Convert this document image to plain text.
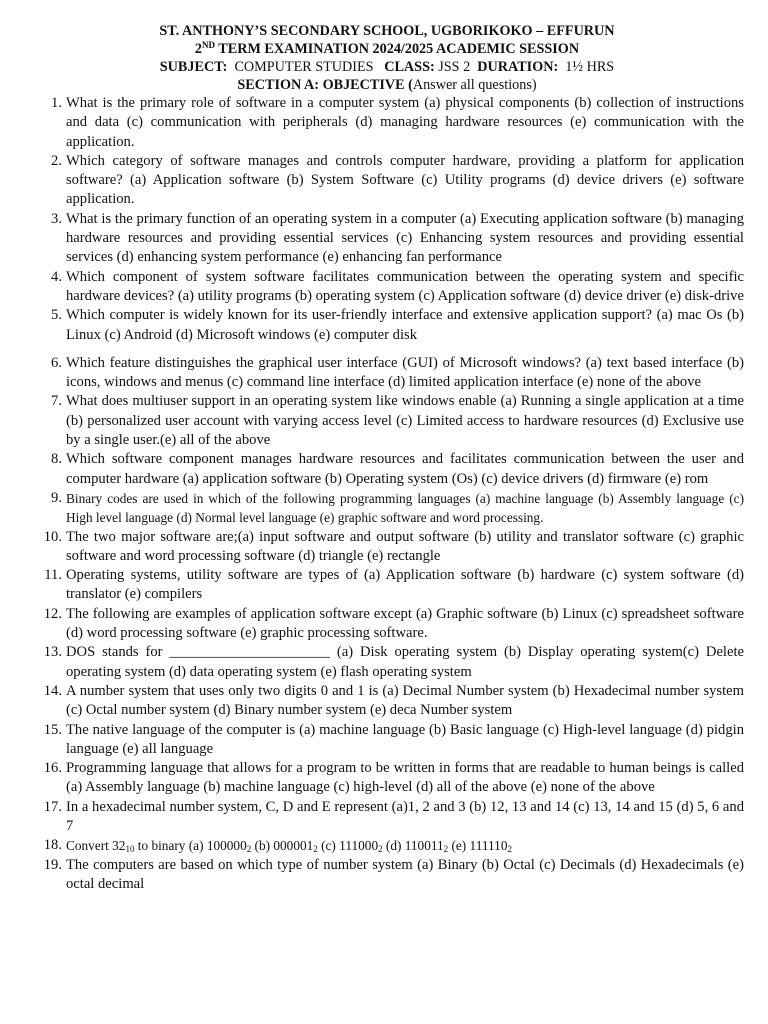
ST. ANTHONY’S SECONDARY SCHOOL, UGBORIKOKO – EFFURUN
2ND TERM EXAMINATION 2024/2025 ACADEMIC SESSION
SUBJECT: COMPUTER STUDIES CLASS: JSS 2 DURATION: 1½ HRS
SECTION A: OBJECTIVE (Answer all questions)
1. What is the primary role of software in a computer system (a) physical components (b) collection of instructions and data (c) communication with peripherals (d) managing hardware resources (e) communication with the application.
2. Which category of software manages and controls computer hardware, providing a platform for application software? (a) Application software (b) System Software (c) Utility programs (d) device drivers (e) software application.
3. What is the primary function of an operating system in a computer (a) Executing application software (b) managing hardware resources and providing essential services (c) Enhancing system resources and providing essential services (d) enhancing system performance (e) enhancing fan performance
4. Which component of system software facilitates communication between the operating system and specific hardware devices? (a) utility programs (b) operating system (c) Application software (d) device driver (e) disk-drive
5. Which computer is widely known for its user-friendly interface and extensive application support? (a) mac Os (b) Linux (c) Android (d) Microsoft windows (e) computer disk
6. Which feature distinguishes the graphical user interface (GUI) of Microsoft windows? (a) text based interface (b) icons, windows and menus (c) command line interface (d) limited application interface (e) none of the above
7. What does multiuser support in an operating system like windows enable (a) Running a single application at a time (b) personalized user account with varying access level (c) Limited access to hardware resources (d) Exclusive use by a single user.(e) all of the above
8. Which software component manages hardware resources and facilitates communication between the user and computer hardware (a) application software (b) Operating system (Os) (c) device drivers (d) firmware (e) rom
9. Binary codes are used in which of the following programming languages (a) machine language (b) Assembly language (c) High level language (d) Normal level language (e) graphic software and word processing.
10. The two major software are;(a) input software and output software (b) utility and translator software (c) graphic software and word processing software (d) triangle (e) rectangle
11. Operating systems, utility software are types of (a) Application software (b) hardware (c) system software (d) translator (e) compilers
12. The following are examples of application software except (a) Graphic software (b) Linux (c) spreadsheet software (d) word processing software (e) graphic processing software.
13. DOS stands for ______________________ (a) Disk operating system (b) Display operating system(c) Delete operating system (d) data operating system (e) flash operating system
14. A number system that uses only two digits 0 and 1 is (a) Decimal Number system (b) Hexadecimal number system (c) Octal number system (d) Binary number system (e) deca Number system
15. The native language of the computer is (a) machine language (b) Basic language (c) High-level language (d) pidgin language (e) all language
16. Programming language that allows for a program to be written in forms that are readable to human beings is called (a) Assembly language (b) machine language (c) high-level (d) all of the above (e) none of the above
17. In a hexadecimal number system, C, D and E represent (a)1, 2 and 3 (b) 12, 13 and 14 (c) 13, 14 and 15 (d) 5, 6 and 7
18. Convert $32_{10}$ to binary (a) $100000_2$ (b) $000001_2$ (c) $111000_2$ (d) $110011_2$ (e) $111110_2$
19. The computers are based on which type of number system (a) Binary (b) Octal (c) Decimals (d) Hexadecimals (e) octal decimal
